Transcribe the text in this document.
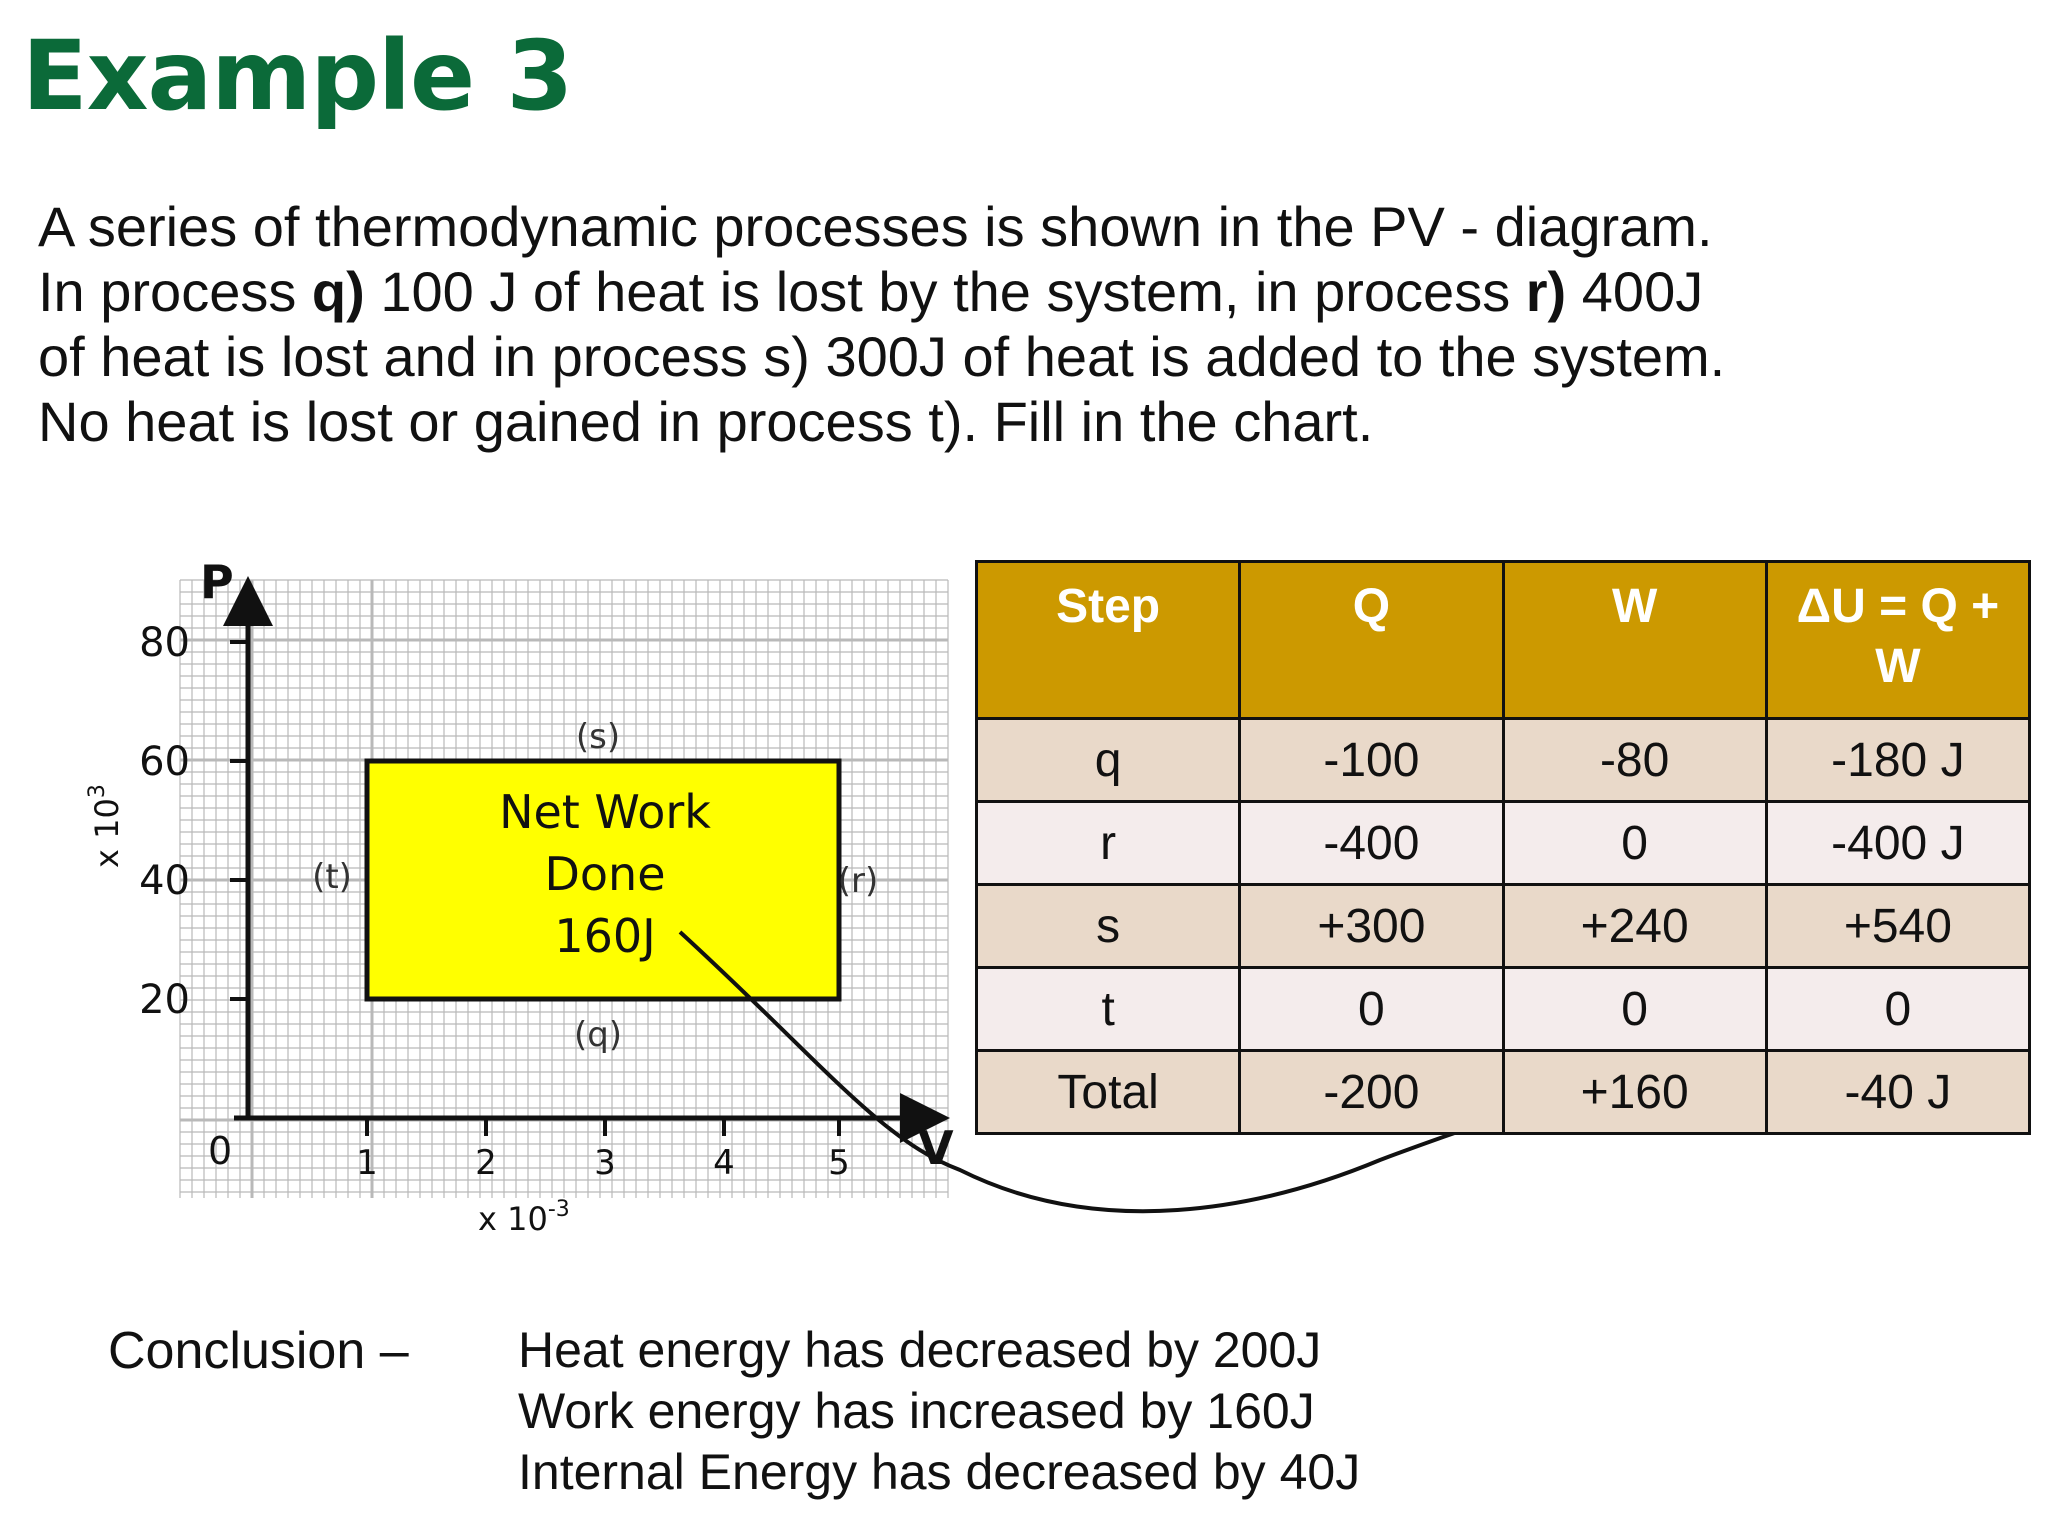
Example 3
A series of thermodynamic processes is shown in the PV - diagram.
In process q) 100 J of heat is lost by the system, in process r) 400J
of heat is lost and in process s) 300J of heat is added to the system.
No heat is lost or gained in process t). Fill in the chart.
P
V
0
80
60
40
20
1	2	3	4	5
x $10^3$
x $10^{-3}$
Net Work
Done
160J
(s)
(t)	(r)
(q)
Step	Q	W	ΔU = Q + W
q	-100	-80	-180 J
r	-400	0	-400 J
s	+300	+240	+540
t	0	0	0
Total	-200	+160	-40 J
Conclusion – Heat energy has decreased by 200J
Work energy has increased by 160J
Internal Energy has decreased by 40J
